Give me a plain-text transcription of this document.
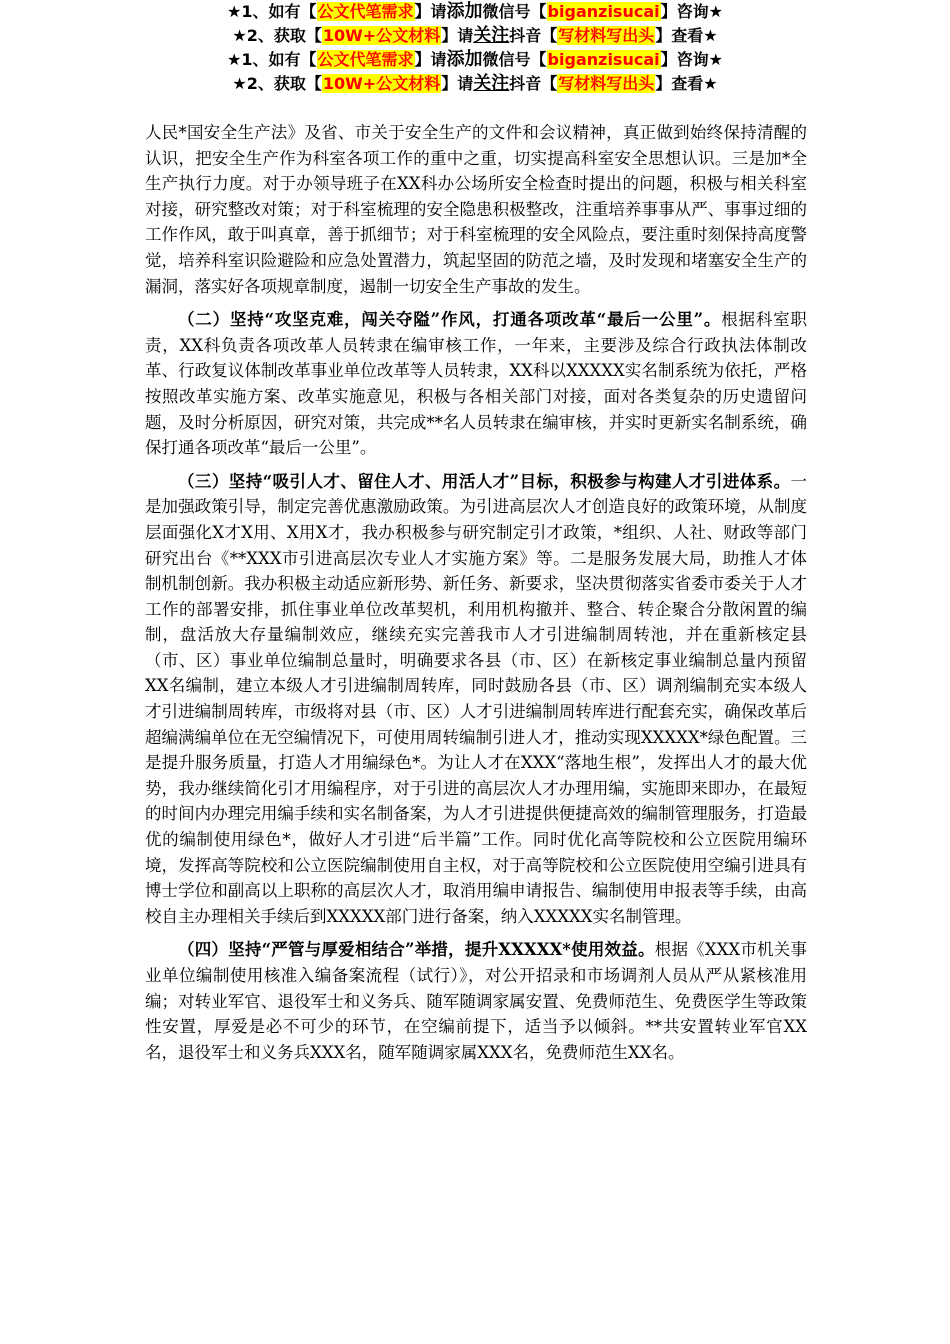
★1、如有【公文代笔需求】请添加微信号【biganzisucai】咨询★
★2、获取【10W+公文材料】请关注抖音【写材料写出头】查看★

人民*国安全生产法》及省、市关于安全生产的文件和会议精神，真正做到始终保持清醒的认识，把安全生产作为科室各项工作的重中之重，切实提高科室安全思想认识。三是加*全生产执行力度。对于办领导班子在XX科办公场所安全检查时提出的问题，积极与相关科室对接，研究整改对策；对于科室梳理的安全隐患积极整改，注重培养事事从严、事事过细的工作作风，敢于叫真章，善于抓细节；对于科室梳理的安全风险点，要注重时刻保持高度警觉，培养科室识险避险和应急处置潜力，筑起坚固的防范之墙，及时发现和堵塞安全生产的漏洞，落实好各项规章制度，遏制一切安全生产事故的发生。

（二）坚持“攻坚克难，闯关夺隘”作风，打通各项改革“最后一公里”。根据科室职责，XX科负责各项改革人员转隶在编审核工作，一年来，主要涉及综合行政执法体制改革、行政复议体制改革事业单位改革等人员转隶，XX科以XXXXX实名制系统为依托，严格按照改革实施方案、改革实施意见，积极与各相关部门对接，面对各类复杂的历史遗留问题，及时分析原因，研究对策，共完成**名人员转隶在编审核，并实时更新实名制系统，确保打通各项改革“最后一公里”。

（三）坚持“吸引人才、留住人才、用活人才”目标，积极参与构建人才引进体系。一是加强政策引导，制定完善优惠激励政策。为引进高层次人才创造良好的政策环境，从制度层面强化X才X用、X用X才，我办积极参与研究制定引才政策，*组织、人社、财政等部门研究出台《**XXX市引进高层次专业人才实施方案》等。二是服务发展大局，助推人才体制机制创新。我办积极主动适应新形势、新任务、新要求，坚决贯彻落实省委市委关于人才工作的部署安排，抓住事业单位改革契机，利用机构撤并、整合、转企聚合分散闲置的编制，盘活放大存量编制效应，继续充实完善我市人才引进编制周转池，并在重新核定县（市、区）事业单位编制总量时，明确要求各县（市、区）在新核定事业编制总量内预留XX名编制，建立本级人才引进编制周转库，同时鼓励各县（市、区）调剂编制充实本级人才引进编制周转库，市级将对县（市、区）人才引进编制周转库进行配套充实，确保改革后超编满编单位在无空编情况下，可使用周转编制引进人才，推动实现XXXXX*绿色配置。三是提升服务质量，打造人才用编绿色*。为让人才在XXX“落地生根”，发挥出人才的最大优势，我办继续简化引才用编程序，对于引进的高层次人才办理用编，实施即来即办，在最短的时间内办理完用编手续和实名制备案，为人才引进提供便捷高效的编制管理服务，打造最优的编制使用绿色*，做好人才引进“后半篇”工作。同时优化高等院校和公立医院用编环境，发挥高等院校和公立医院编制使用自主权，对于高等院校和公立医院使用空编引进具有博士学位和副高以上职称的高层次人才，取消用编申请报告、编制使用申报表等手续，由高校自主办理相关手续后到XXXXX部门进行备案，纳入XXXXX实名制管理。

（四）坚持“严管与厚爱相结合”举措，提升XXXXX*使用效益。根据《XXX市机关事业单位编制使用核准入编备案流程（试行）》，对公开招录和市场调剂人员从严从紧核准用编；对转业军官、退役军士和义务兵、随军随调家属安置、免费师范生、免费医学生等政策性安置，厚爱是必不可少的环节，在空编前提下，适当予以倾斜。**共安置转业军官XX名，退役军士和义务兵XXX名，随军随调家属XXX名，免费师范生XX名。

★1、如有【公文代笔需求】请添加微信号【biganzisucai】咨询★
★2、获取【10W+公文材料】请关注抖音【写材料写出头】查看★
